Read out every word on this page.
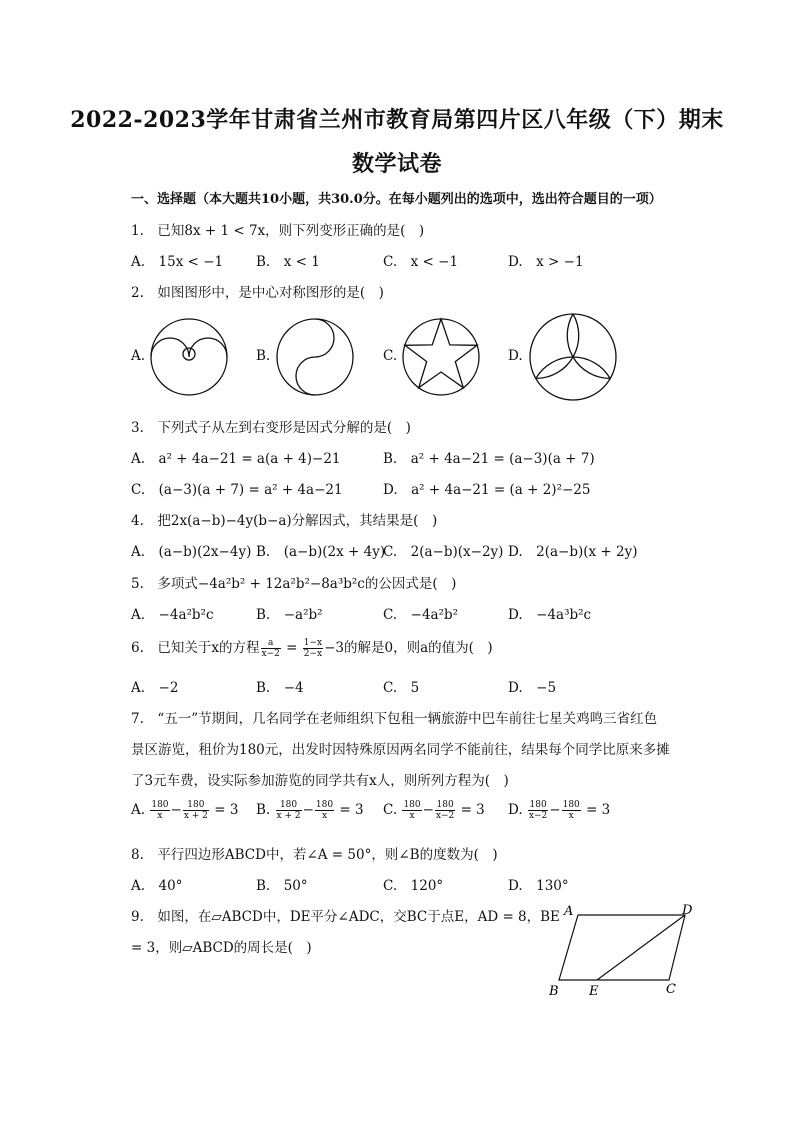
2022-2023学年甘肃省兰州市教育局第四片区八年级（下）期末
数学试卷
一、选择题（本大题共10小题，共30.0分。在每小题列出的选项中，选出符合题目的一项）
1.　已知8x + 1 < 7x，则下列变形正确的是(　)
A.　15x < −1 B.　x < 1	C.　x < −1	D.　x > −1
2.　如图图形中，是中心对称图形的是(　)
A.	B.	C.	D.
3.　下列式子从左到右变形是因式分解的是(　)
A.　a² + 4a−21 = a(a + 4)−21	B.　a² + 4a−21 = (a−3)(a + 7)
C.　(a−3)(a + 7) = a² + 4a−21	D.　a² + 4a−21 = (a + 2)²−25
4.　把2x(a−b)−4y(b−a)分解因式，其结果是(　)
A.　(a−b)(2x−4y) B.　(a−b)(2x + 4y)
C.　2(a−b)(x−2y) D.　2(a−b)(x + 2y)
5.　多项式−4a²b² + 12a²b²−8a³b²c的公因式是(　)
A.　−4a²b²c	B.　−a²b²	C.　−4a²b²	D.　−4a³b²c
6.　已知关于x的方程 $\frac{a}{x-2} = \frac{1-x}{2-x} -3$的解是0，则a的值为(　)
A.　−2	B.　−4	C.　5	D.　−5
7.　“五一”节期间，几名同学在老师组织下包租一辆旅游中巴车前往七星关鸡鸣三省红色
景区游览，租价为180元，出发时因特殊原因两名同学不能前往，结果每个同学比原来多摊
了3元车费，设实际参加游览的同学共有x人，则所列方程为(　)
A. $\frac{180}{x} - \frac{180}{x + 2} = 3$ B. $\frac{180}{x + 2} - \frac{180}{x} = 3$ C. $\frac{180}{x} - \frac{180}{x-2} = 3$ D. $\frac{180}{x-2} - \frac{180}{x} = 3$
8.　平行四边形ABCD中，若∠A = 50°，则∠B的度数为(　)
A.　40°	B.　50°	C.　120°	D.　130°
9.　如图，在▱ABCD中，DE平分∠ADC，交BC于点E，AD = 8，BE
= 3，则▱ABCD的周长是(　)
A	D
B E	C
